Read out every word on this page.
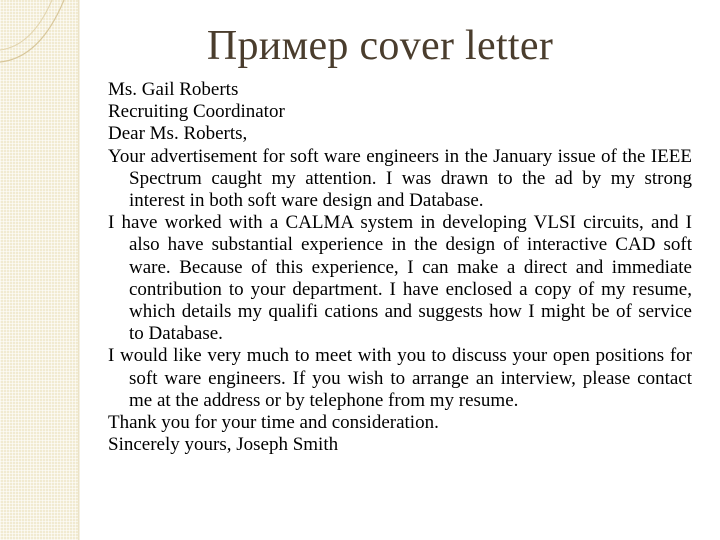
Пример cover letter
Ms. Gail Roberts
Recruiting Coordinator
Dear Ms. Roberts,
Your advertisement for soft ware engineers in the January issue of the IEEE Spectrum caught my attention. I was drawn to the ad by my strong interest in both soft ware design and Database.
I have worked with a CALMA system in developing VLSI circuits, and I also have substantial experience in the design of interactive CAD soft ware. Because of this experience, I can make a direct and immediate contribution to your department. I have enclosed a copy of my resume, which details my qualifi cations and suggests how I might be of service to Database.
I would like very much to meet with you to discuss your open positions for soft ware engineers. If you wish to arrange an interview, please contact me at the address or by telephone from my resume.
Thank you for your time and consideration.
Sincerely yours, Joseph Smith
